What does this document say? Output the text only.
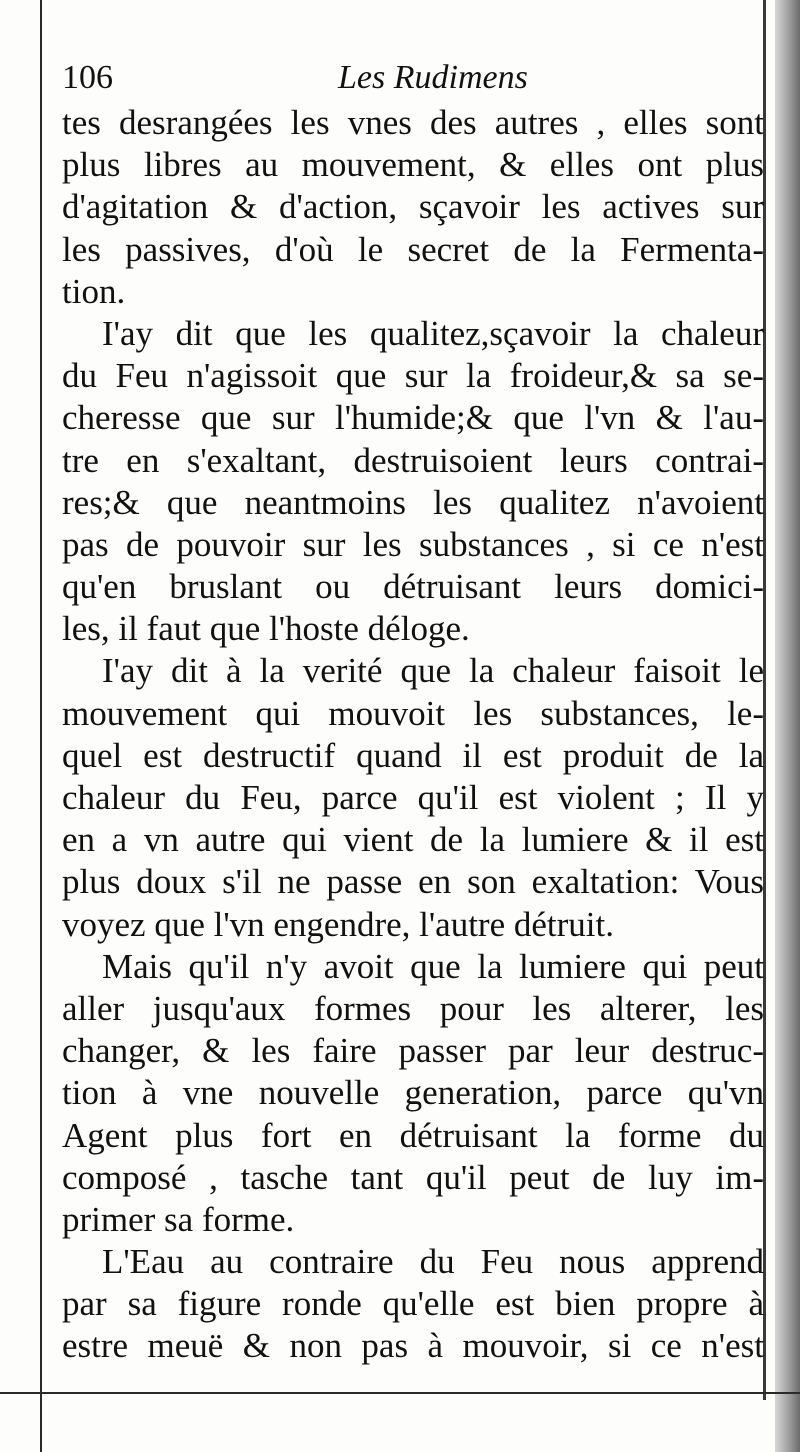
106	Les Rudimens
tes desrangées les vnes des autres , elles sont
plus libres au mouvement, & elles ont plus
d'agitation & d'action, sçavoir les actives sur
les passives, d'où le secret de la Fermenta-
tion.
I'ay dit que les qualitez,sçavoir la chaleur
du Feu n'agissoit que sur la froideur,& sa se-
cheresse que sur l'humide;& que l'vn & l'au-
tre en s'exaltant, destruisoient leurs contrai-
res;& que neantmoins les qualitez n'avoient
pas de pouvoir sur les substances , si ce n'est
qu'en bruslant ou détruisant leurs domici-
les, il faut que l'hoste déloge.
I'ay dit à la verité que la chaleur faisoit le
mouvement qui mouvoit les substances, le-
quel est destructif quand il est produit de la
chaleur du Feu, parce qu'il est violent ; Il y
en a vn autre qui vient de la lumiere & il est
plus doux s'il ne passe en son exaltation: Vous
voyez que l'vn engendre, l'autre détruit.
Mais qu'il n'y avoit que la lumiere qui peut
aller jusqu'aux formes pour les alterer, les
changer, & les faire passer par leur destruc-
tion à vne nouvelle generation, parce qu'vn
Agent plus fort en détruisant la forme du
composé , tasche tant qu'il peut de luy im-
primer sa forme.
L'Eau au contraire du Feu nous apprend
par sa figure ronde qu'elle est bien propre à
estre meuë & non pas à mouvoir, si ce n'est
